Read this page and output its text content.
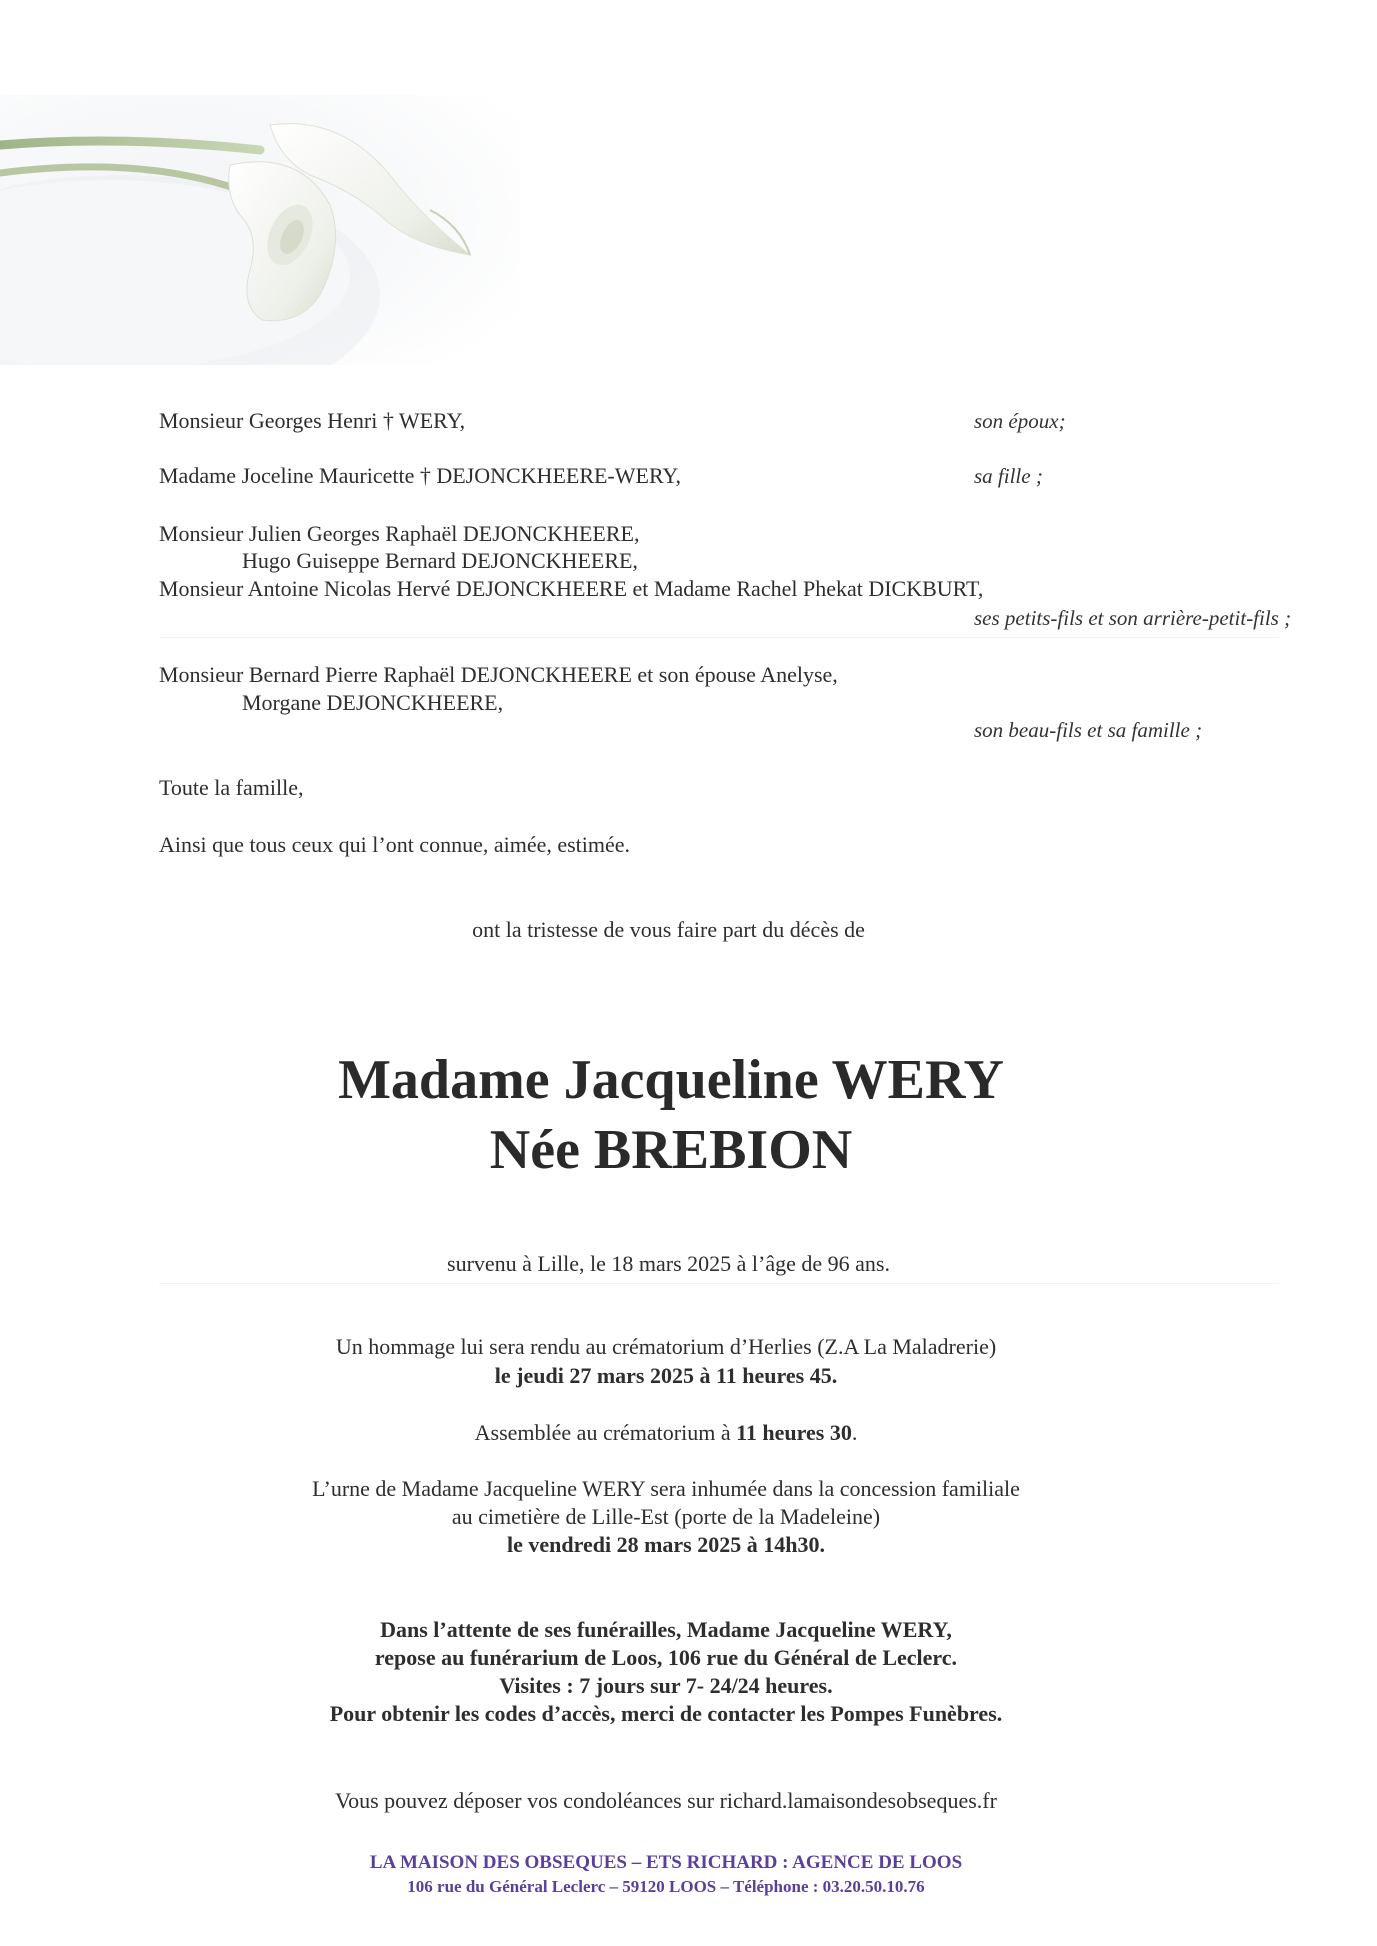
Monsieur Georges Henri † WERY,	son époux;
Madame Joceline Mauricette † DEJONCKHEERE-WERY,	sa fille ;
Monsieur Julien Georges Raphaël DEJONCKHEERE,
Hugo Guiseppe Bernard DEJONCKHEERE,
Monsieur Antoine Nicolas Hervé DEJONCKHEERE et Madame Rachel Phekat DICKBURT,
ses petits-fils et son arrière-petit-fils ;
Monsieur Bernard Pierre Raphaël DEJONCKHEERE et son épouse Anelyse,
Morgane DEJONCKHEERE,
son beau-fils et sa famille ;
Toute la famille,
Ainsi que tous ceux qui l’ont connue, aimée, estimée.
ont la tristesse de vous faire part du décès de
Madame Jacqueline WERY
Née BREBION
survenu à Lille, le 18 mars 2025 à l’âge de 96 ans.
Un hommage lui sera rendu au crématorium d’Herlies (Z.A La Maladrerie)
le jeudi 27 mars 2025 à 11 heures 45.
Assemblée au crématorium à 11 heures 30.
L’urne de Madame Jacqueline WERY sera inhumée dans la concession familiale
au cimetière de Lille-Est (porte de la Madeleine)
le vendredi 28 mars 2025 à 14h30.
Dans l’attente de ses funérailles, Madame Jacqueline WERY,
repose au funérarium de Loos, 106 rue du Général de Leclerc.
Visites : 7 jours sur 7- 24/24 heures.
Pour obtenir les codes d’accès, merci de contacter les Pompes Funèbres.
Vous pouvez déposer vos condoléances sur richard.lamaisondesobseques.fr
LA MAISON DES OBSEQUES – ETS RICHARD : AGENCE DE LOOS
106 rue du Général Leclerc – 59120 LOOS – Téléphone : 03.20.50.10.76
